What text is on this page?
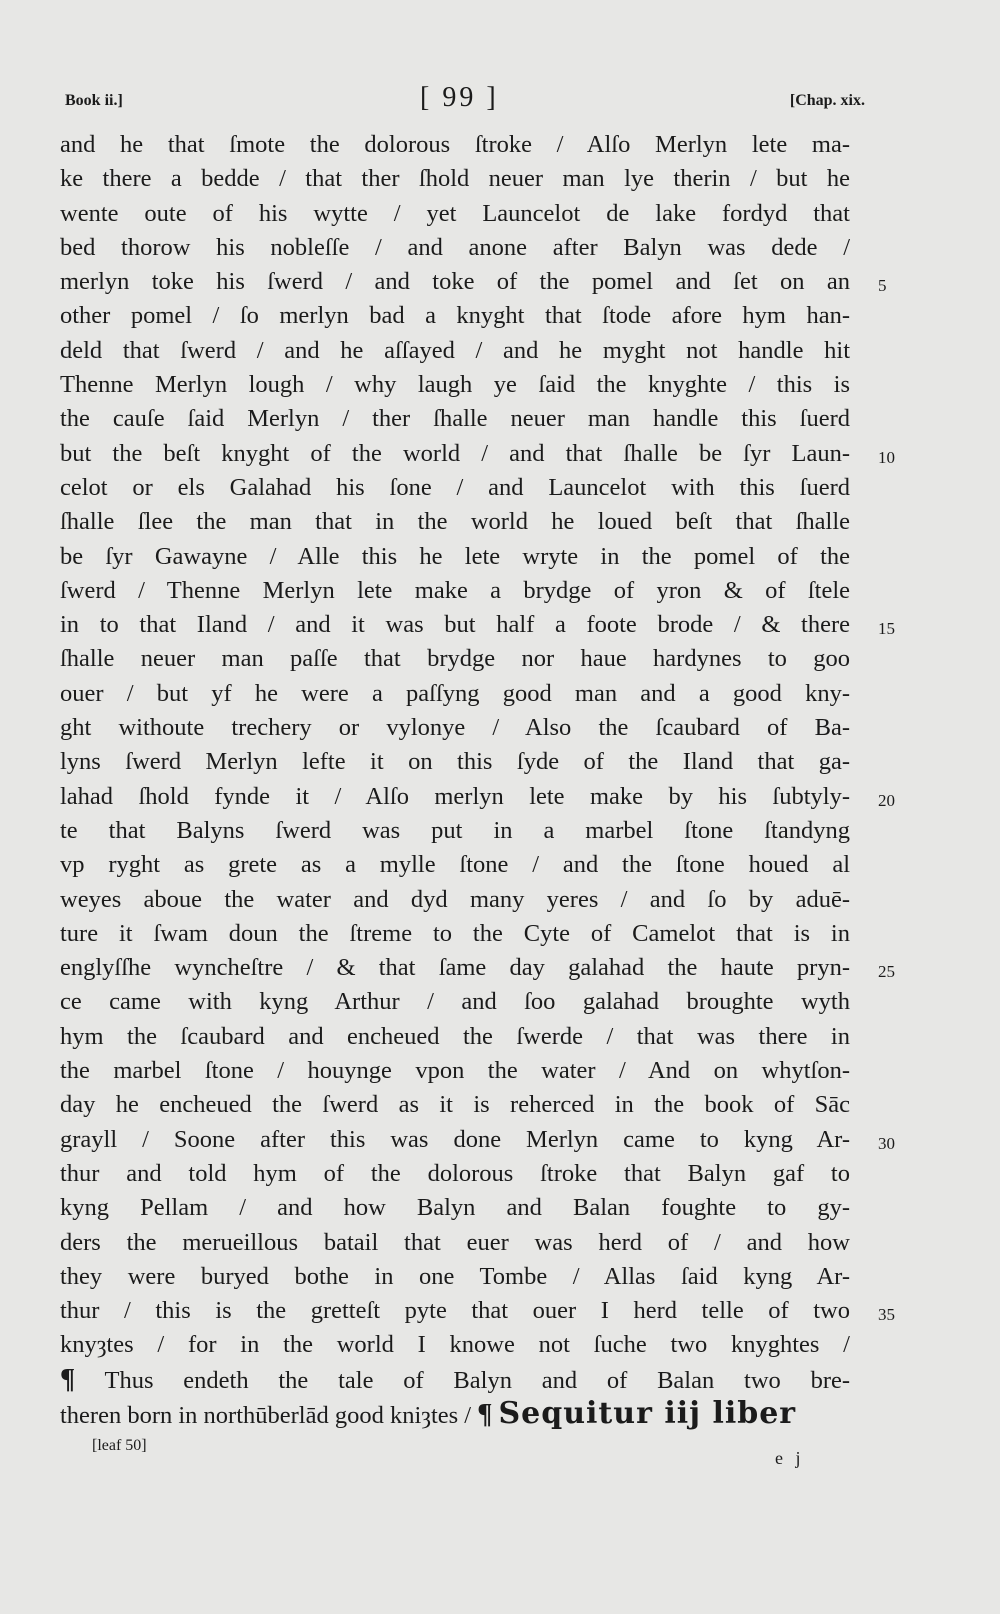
Book ii.]	[ 99 ]	[Chap. xix.
and he that ſmote the dolorous ſtroke / Alſo Merlyn lete ma-
ke there a bedde / that ther ſhold neuer man lye therin / but he
wente oute of his wytte / yet Launcelot de lake fordyd that
bed thorow his nobleſſe / and anone after Balyn was dede /
merlyn toke his ſwerd / and toke of the pomel and ſet on an 5
other pomel / ſo merlyn bad a knyght that ſtode afore hym han-
deld that ſwerd / and he aſſayed / and he myght not handle hit
Thenne Merlyn lough / why laugh ye ſaid the knyghte / this is
the cauſe ſaid Merlyn / ther ſhalle neuer man handle this ſuerd
but the beſt knyght of the world / and that ſhalle be ſyr Laun- 10
celot or els Galahad his ſone / and Launcelot with this ſuerd
ſhalle ſlee the man that in the world he loued beſt that ſhalle
be ſyr Gawayne / Alle this he lete wryte in the pomel of the
ſwerd / Thenne Merlyn lete make a brydge of yron & of ſtele
in to that Iland / and it was but half a foote brode / & there 15
ſhalle neuer man paſſe that brydge nor haue hardynes to goo
ouer / but yf he were a paſſyng good man and a good kny-
ght withoute trechery or vylonye / Also the ſcaubard of Ba-
lyns ſwerd Merlyn lefte it on this ſyde of the Iland that ga-
lahad ſhold fynde it / Alſo merlyn lete make by his ſubtyly- 20
te that Balyns ſwerd was put in a marbel ſtone ſtandyng
vp ryght as grete as a mylle ſtone / and the ſtone houed al
weyes aboue the water and dyd many yeres / and ſo by aduē-
ture it ſwam doun the ſtreme to the Cyte of Camelot that is in
englyſſhe wyncheſtre / & that ſame day galahad the haute pryn- 25
ce came with kyng Arthur / and ſoo galahad broughte wyth
hym the ſcaubard and encheued the ſwerde / that was there in
the marbel ſtone / houynge vpon the water / And on whytſon-
day he encheued the ſwerd as it is reherced in the book of Sāc
grayll / Soone after this was done Merlyn came to kyng Ar- 30
thur and told hym of the dolorous ſtroke that Balyn gaf to
kyng Pellam / and how Balyn and Balan foughte to gy-
ders the merueillous batail that euer was herd of / and how
they were buryed bothe in one Tombe / Allas ſaid kyng Ar-
thur / this is the gretteſt pyte that ouer I herd telle of two 35
knyȝtes / for in the world I knowe not ſuche two knyghtes /
¶ Thus endeth the tale of Balyn and of Balan two bre-
theren born in northūberlād good kniȝtes / ¶ Sequitur iij liber
[leaf 50]
e j
